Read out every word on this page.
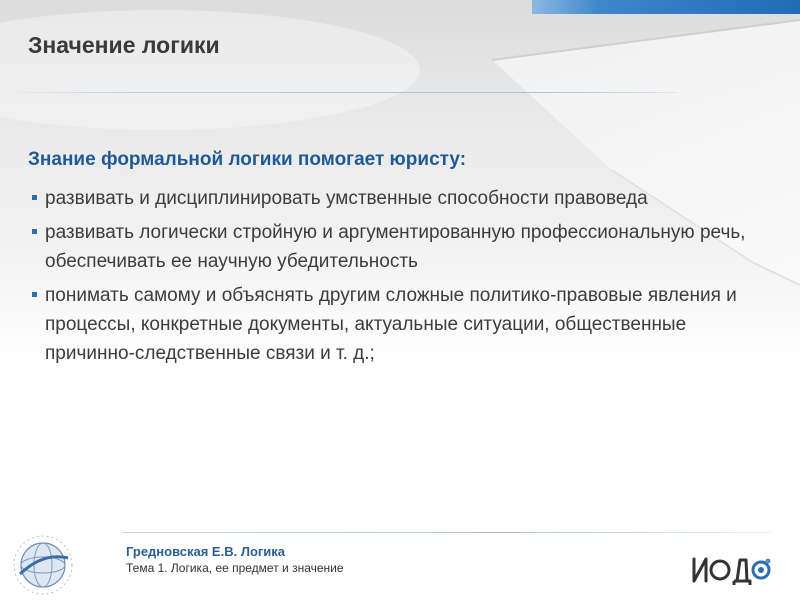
Значение логики

Знание формальной логики помогает юристу:

развивать и дисциплинировать умственные способности правоведа
развивать логически стройную и аргументированную профессиональную речь, обеспечивать ее научную убедительность
понимать самому и объяснять другим сложные политико-правовые явления и процессы, конкретные документы, актуальные ситуации, общественные причинно-следственные связи и т. д.;
Гредновская Е.В. Логика
Тема 1. Логика, ее предмет и значение
